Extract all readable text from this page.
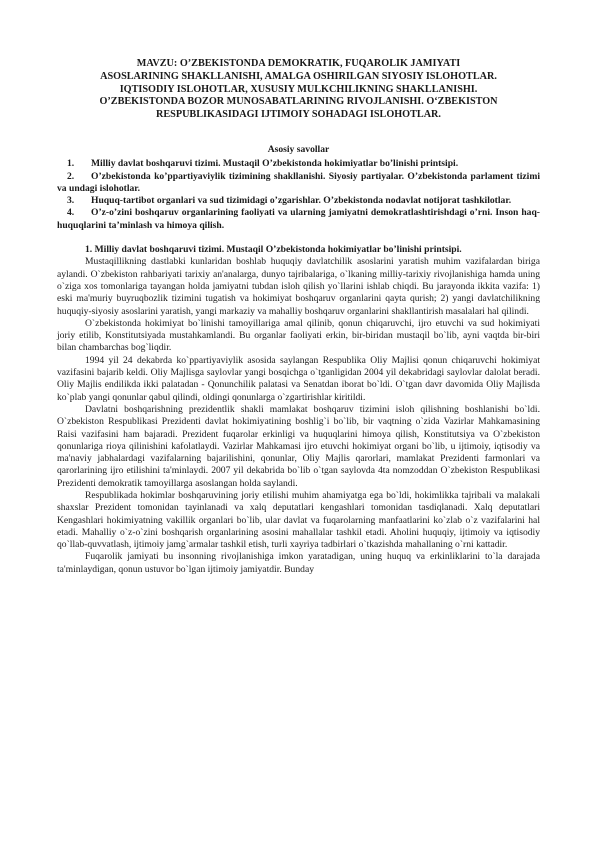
MAVZU: O’ZBEKISTONDA DEMOKRATIK, FUQAROLIK JAMIYATI
ASOSLARINING SHAKLLANISHI, AMALGA OSHIRILGAN SIYOSIY ISLOHOTLAR.
IQTISODIY ISLOHOTLAR, XUSUSIY MULKCHILIKNING SHAKLLANISHI.
O’ZBEKISTONDA BOZOR MUNOSABATLARINING RIVOJLANISHI. O‘ZBEKISTON
RESPUBLIKASIDAGI IJTIMOIY SOHADAGI ISLOHOTLAR.
Asosiy savollar

1. Milliy davlat boshqaruvi tizimi. Mustaqil O’zbekistonda hokimiyatlar bo’linishi printsipi.

2. O’zbekistonda ko’ppartiyaviylik tizimining shakllanishi. Siyosiy partiyalar. O’zbekistonda parlament tizimi va undagi islohotlar.

3. Huquq-tartibot organlari va sud tizimidagi o’zgarishlar. O’zbekistonda nodavlat notijorat tashkilotlar.

4. O’z-o’zini boshqaruv organlarining faoliyati va ularning jamiyatni demokratlashtirishdagi o’rni. Inson haq-huquqlarini ta’minlash va himoya qilish.

1. Milliy davlat boshqaruvi tizimi. Mustaqil O’zbekistonda hokimiyatlar bo’linishi printsipi.

Mustaqillikning dastlabki kunlaridan boshlab huquqiy davlatchilik asoslarini yaratish muhim vazifalardan biriga aylandi. O`zbekiston rahbariyati tarixiy an'analarga, dunyo tajribalariga, o`lkaning milliy-tarixiy rivojlanishiga hamda uning o`ziga xos tomonlariga tayangan holda jamiyatni tubdan isloh qilish yo`llarini ishlab chiqdi. Bu jarayonda ikkita vazifa: 1) eski ma'muriy buyruqbozlik tizimini tugatish va hokimiyat boshqaruv organlarini qayta qurish; 2) yangi davlatchilikning huquqiy-siyosiy asoslarini yaratish, yangi markaziy va mahalliy boshqaruv organlarini shakllantirish masalalari hal qilindi.

O`zbekistonda hokimiyat bo`linishi tamoyillariga amal qilinib, qonun chiqaruvchi, ijro etuvchi va sud hokimiyati joriy etilib, Konstitutsiyada mustahkamlandi. Bu organlar faoliyati erkin, bir-biridan mustaqil bo`lib, ayni vaqtda bir-biri bilan chambarchas bog`liqdir.

1994 yil 24 dekabrda ko`ppartiyaviylik asosida saylangan Respublika Oliy Majlisi qonun chiqaruvchi hokimiyat vazifasini bajarib keldi. Oliy Majlisga saylovlar yangi bosqichga o`tganligidan 2004 yil dekabridagi saylovlar dalolat beradi. Oliy Majlis endilikda ikki palatadan - Qonunchilik palatasi va Senatdan iborat bo`ldi. O`tgan davr davomida Oliy Majlisda ko`plab yangi qonunlar qabul qilindi, oldingi qonunlarga o`zgartirishlar kiritildi.

Davlatni boshqarishning prezidentlik shakli mamlakat boshqaruv tizimini isloh qilishning boshlanishi bo`ldi. O`zbekiston Respublikasi Prezidenti davlat hokimiyatining boshlig`i bo`lib, bir vaqtning o`zida Vazirlar Mahkamasining Raisi vazifasini ham bajaradi. Prezident fuqarolar erkinligi va huquqlarini himoya qilish, Konstitutsiya va O`zbekiston qonunlariga rioya qilinishini kafolatlaydi. Vazirlar Mahkamasi ijro etuvchi hokimiyat organi bo`lib, u ijtimoiy, iqtisodiy va ma'naviy jabhalardagi vazifalarning bajarilishini, qonunlar, Oliy Majlis qarorlari, mamlakat Prezidenti farmonlari va qarorlarining ijro etilishini ta'minlaydi. 2007 yil dekabrida bo`lib o`tgan saylovda 4ta nomzoddan O`zbekiston Respublikasi Prezidenti demokratik tamoyillarga asoslangan holda saylandi.

Respublikada hokimlar boshqaruvining joriy etilishi muhim ahamiyatga ega bo`ldi, hokimlikka tajribali va malakali shaxslar Prezident tomonidan tayinlanadi va xalq deputatlari kengashlari tomonidan tasdiqlanadi. Xalq deputatlari Kengashlari hokimiyatning vakillik organlari bo`lib, ular davlat va fuqarolarning manfaatlarini ko`zlab o`z vazifalarini hal etadi. Mahalliy o`z-o`zini boshqarish organlarining asosini mahallalar tashkil etadi. Aholini huquqiy, ijtimoiy va iqtisodiy qo`llab-quvvatlash, ijtimoiy jamg`armalar tashkil etish, turli xayriya tadbirlari o`tkazishda mahallaning o`rni kattadir.

Fuqarolik jamiyati bu insonning rivojlanishiga imkon yaratadigan, uning huquq va erkinliklarini to`la darajada ta'minlaydigan, qonun ustuvor bo`lgan ijtimoiy jamiyatdir. Bunday
